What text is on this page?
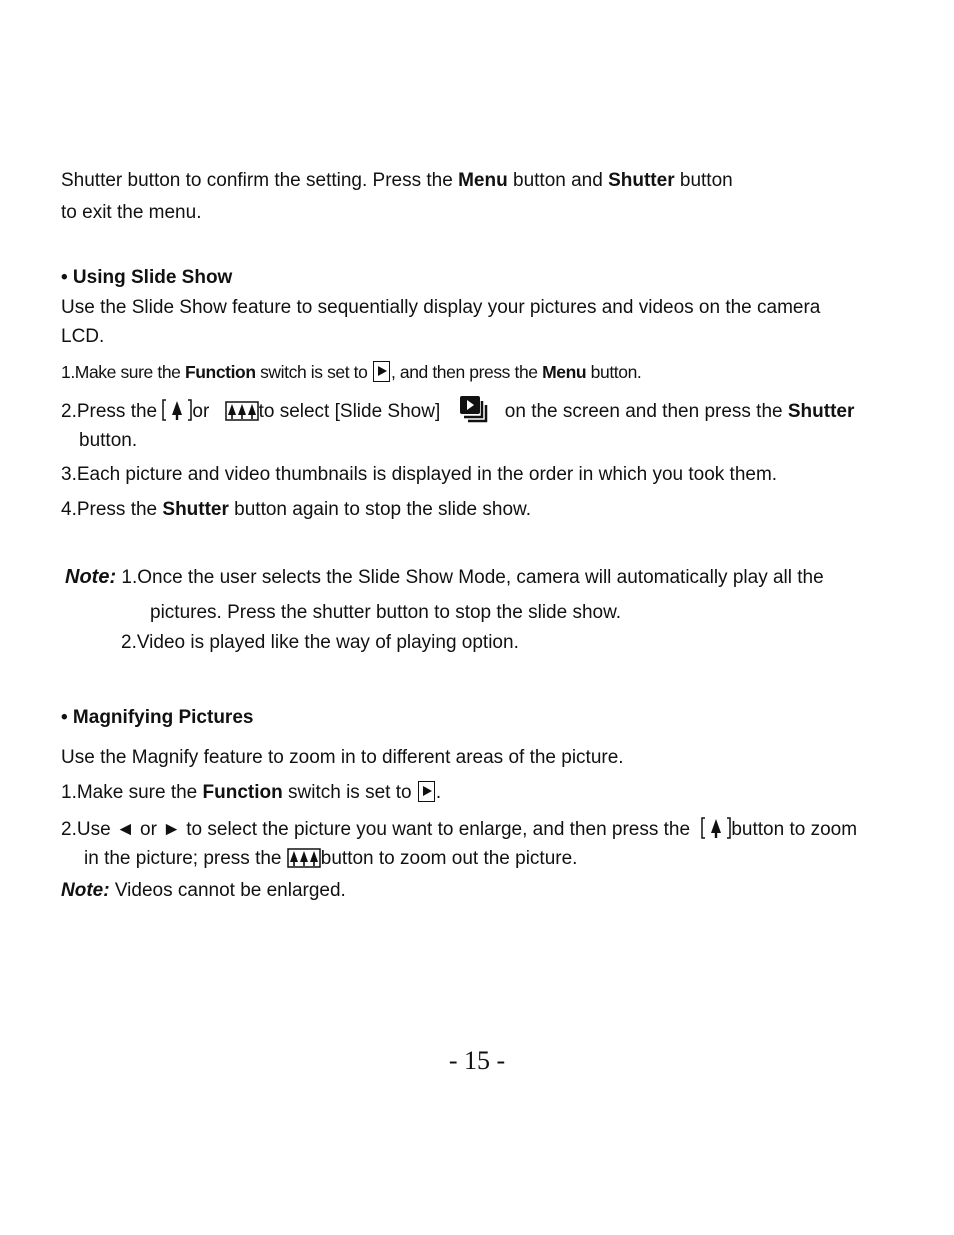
Shutter button to confirm the setting. Press the Menu button and Shutter button
to exit the menu.
• Using Slide Show
Use the Slide Show feature to sequentially display your pictures and videos on the camera
LCD.
1.Make sure the Function switch is set to , and then press the Menu button.
2.Press the or	to select [Slide Show]	on the screen and then press the Shutter
button.
3.Each picture and video thumbnails is displayed in the order in which you took them.
4.Press the Shutter button again to stop the slide show.
Note: 1.Once the user selects the Slide Show Mode, camera will automatically play all the
pictures. Press the shutter button to stop the slide show.
2.Video is played like the way of playing option.
• Magnifying Pictures
Use the Magnify feature to zoom in to different areas of the picture.
1.Make sure the Function switch is set to .
2.Use ◄ or ► to select the picture you want to enlarge, and then press the button to zoom
in the picture; press the button to zoom out the picture.
Note: Videos cannot be enlarged.
- 15 -
